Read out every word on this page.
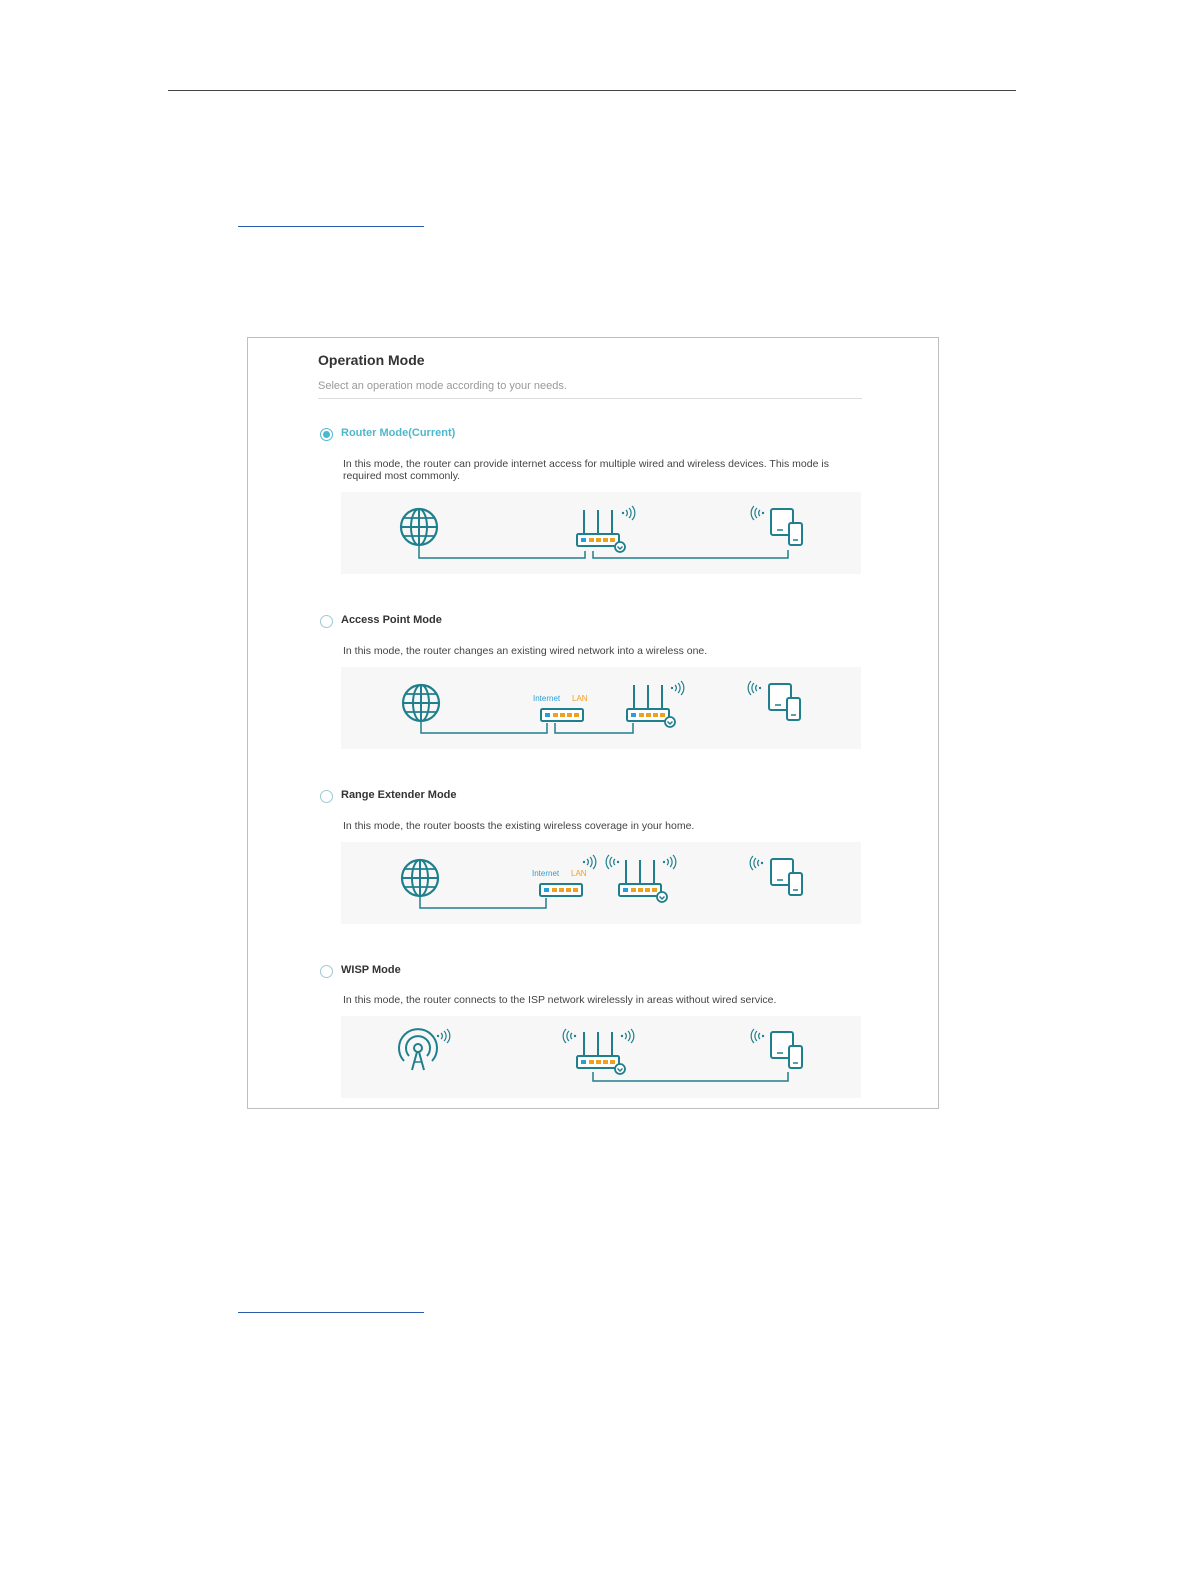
Operation Mode
Select an operation mode according to your needs.
Router Mode(Current)
In this mode, the router can provide internet access for multiple wired and wireless devices. This mode is required most commonly.
Access Point Mode
In this mode, the router changes an existing wired network into a wireless one.
Internet LAN
Range Extender Mode
In this mode, the router boosts the existing wireless coverage in your home.
Internet LAN
WISP Mode
In this mode, the router connects to the ISP network wirelessly in areas without wired service.
